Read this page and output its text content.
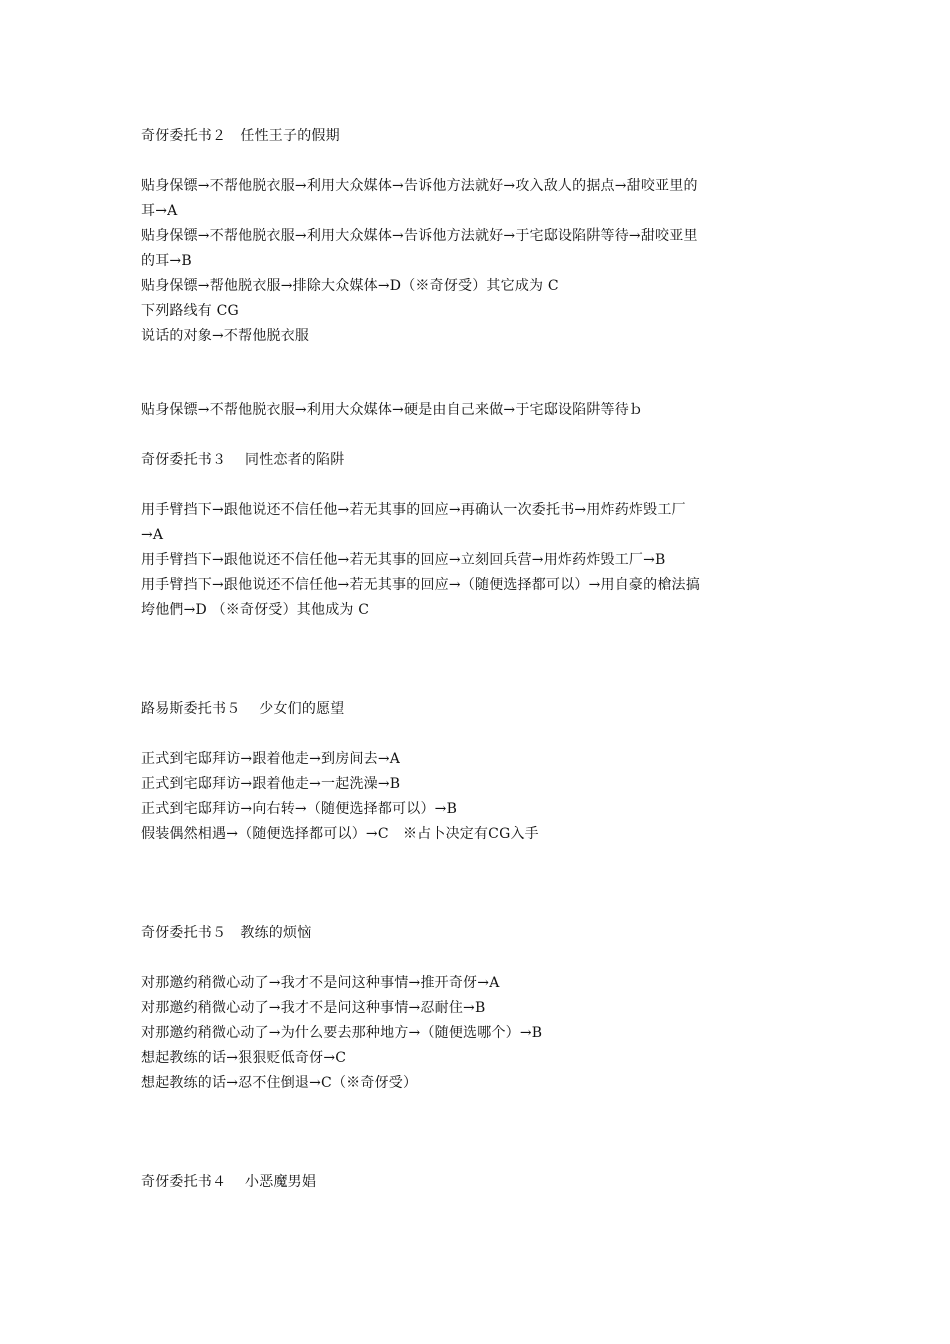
奇伢委托书２　任性王子的假期
贴身保镖→不帮他脱衣服→利用大众媒体→告诉他方法就好→攻入敌人的据点→甜咬亚里的
耳→A
贴身保镖→不帮他脱衣服→利用大众媒体→告诉他方法就好→于宅邸设陷阱等待→甜咬亚里
的耳→B
贴身保镖→帮他脱衣服→排除大众媒体→D（※奇伢受）其它成为 C
下列路线有 CG
说话的对象→不帮他脱衣服
贴身保镖→不帮他脱衣服→利用大众媒体→硬是由自己来做→于宅邸设陷阱等待ｂ
奇伢委托书３　 同性恋者的陷阱
用手臂挡下→跟他说还不信任他→若无其事的回应→再确认一次委托书→用炸药炸毁工厂
→A
用手臂挡下→跟他说还不信任他→若无其事的回应→立刻回兵营→用炸药炸毁工厂→B
用手臂挡下→跟他说还不信任他→若无其事的回应→（随便选择都可以）→用自豪的槍法搞
垮他們→D （※奇伢受）其他成为 C
路易斯委托书５　 少女们的愿望
正式到宅邸拜访→跟着他走→到房间去→A
正式到宅邸拜访→跟着他走→一起洗澡→B
正式到宅邸拜访→向右转→（随便选择都可以）→B
假装偶然相遇→（随便选择都可以）→C　※占卜决定有CG入手
奇伢委托书５　教练的烦恼
对那邀约稍微心动了→我才不是问这种事情→推开奇伢→A
对那邀约稍微心动了→我才不是问这种事情→忍耐住→B
对那邀约稍微心动了→为什么要去那种地方→（随便选哪个）→B
想起教练的话→狠狠贬低奇伢→C
想起教练的话→忍不住倒退→C（※奇伢受）
奇伢委托书４　 小恶魔男娼
